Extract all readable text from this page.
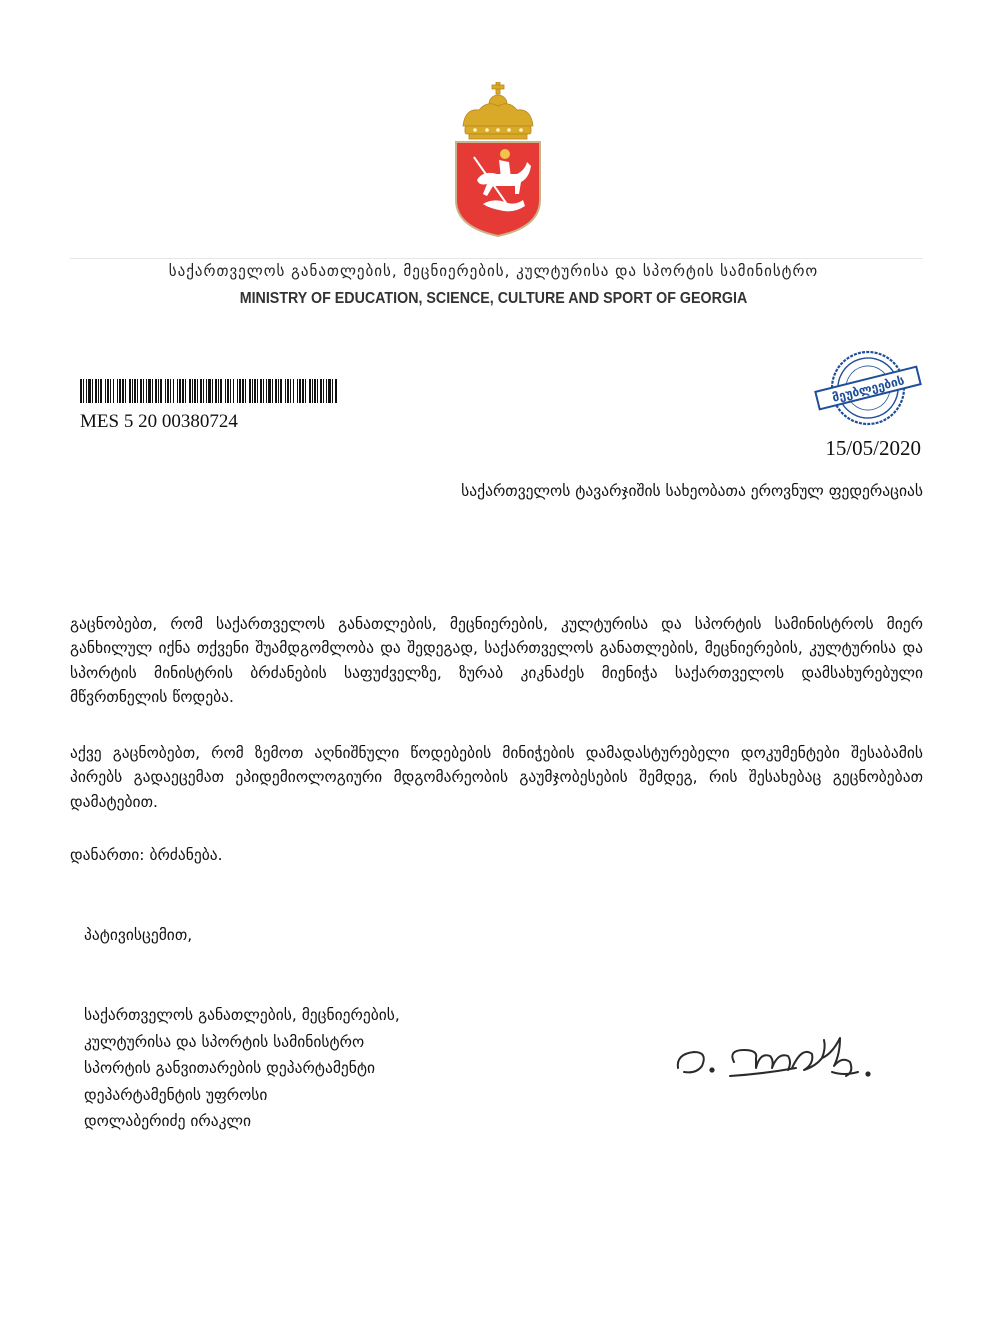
საქართველოს განათლების, მეცნიერების, კულტურისა და სპორტის სამინისტრო
MINISTRY OF EDUCATION, SCIENCE, CULTURE AND SPORT OF GEORGIA
MES 5 20 00380724
მეუბლეების
15/05/2020
საქართველოს ტავარჯიშის სახეობათა ეროვნულ ფედერაციას

გაცნობებთ, რომ საქართველოს განათლების, მეცნიერების, კულტურისა და სპორტის სამინისტროს მიერ განხილულ იქნა თქვენი შუამდგომლობა და შედეგად, საქართველოს განათლების, მეცნიერების, კულტურისა და სპორტის მინისტრის ბრძანების საფუძველზე, ზურაბ კიკნაძეს მიენიჭა საქართველოს დამსახურებული მწვრთნელის წოდება.

აქვე გაცნობებთ, რომ ზემოთ აღნიშნული წოდებების მინიჭების დამადასტურებელი დოკუმენტები შესაბამის პირებს გადაეცემათ ეპიდემიოლოგიური მდგომარეობის გაუმჯობესების შემდეგ, რის შესახებაც გეცნობებათ დამატებით.

დანართი: ბრძანება.
პატივისცემით,
საქართველოს განათლების, მეცნიერების,
კულტურისა და სპორტის სამინისტრო
სპორტის განვითარების დეპარტამენტი
დეპარტამენტის უფროსი
დოლაბერიძე ირაკლი
